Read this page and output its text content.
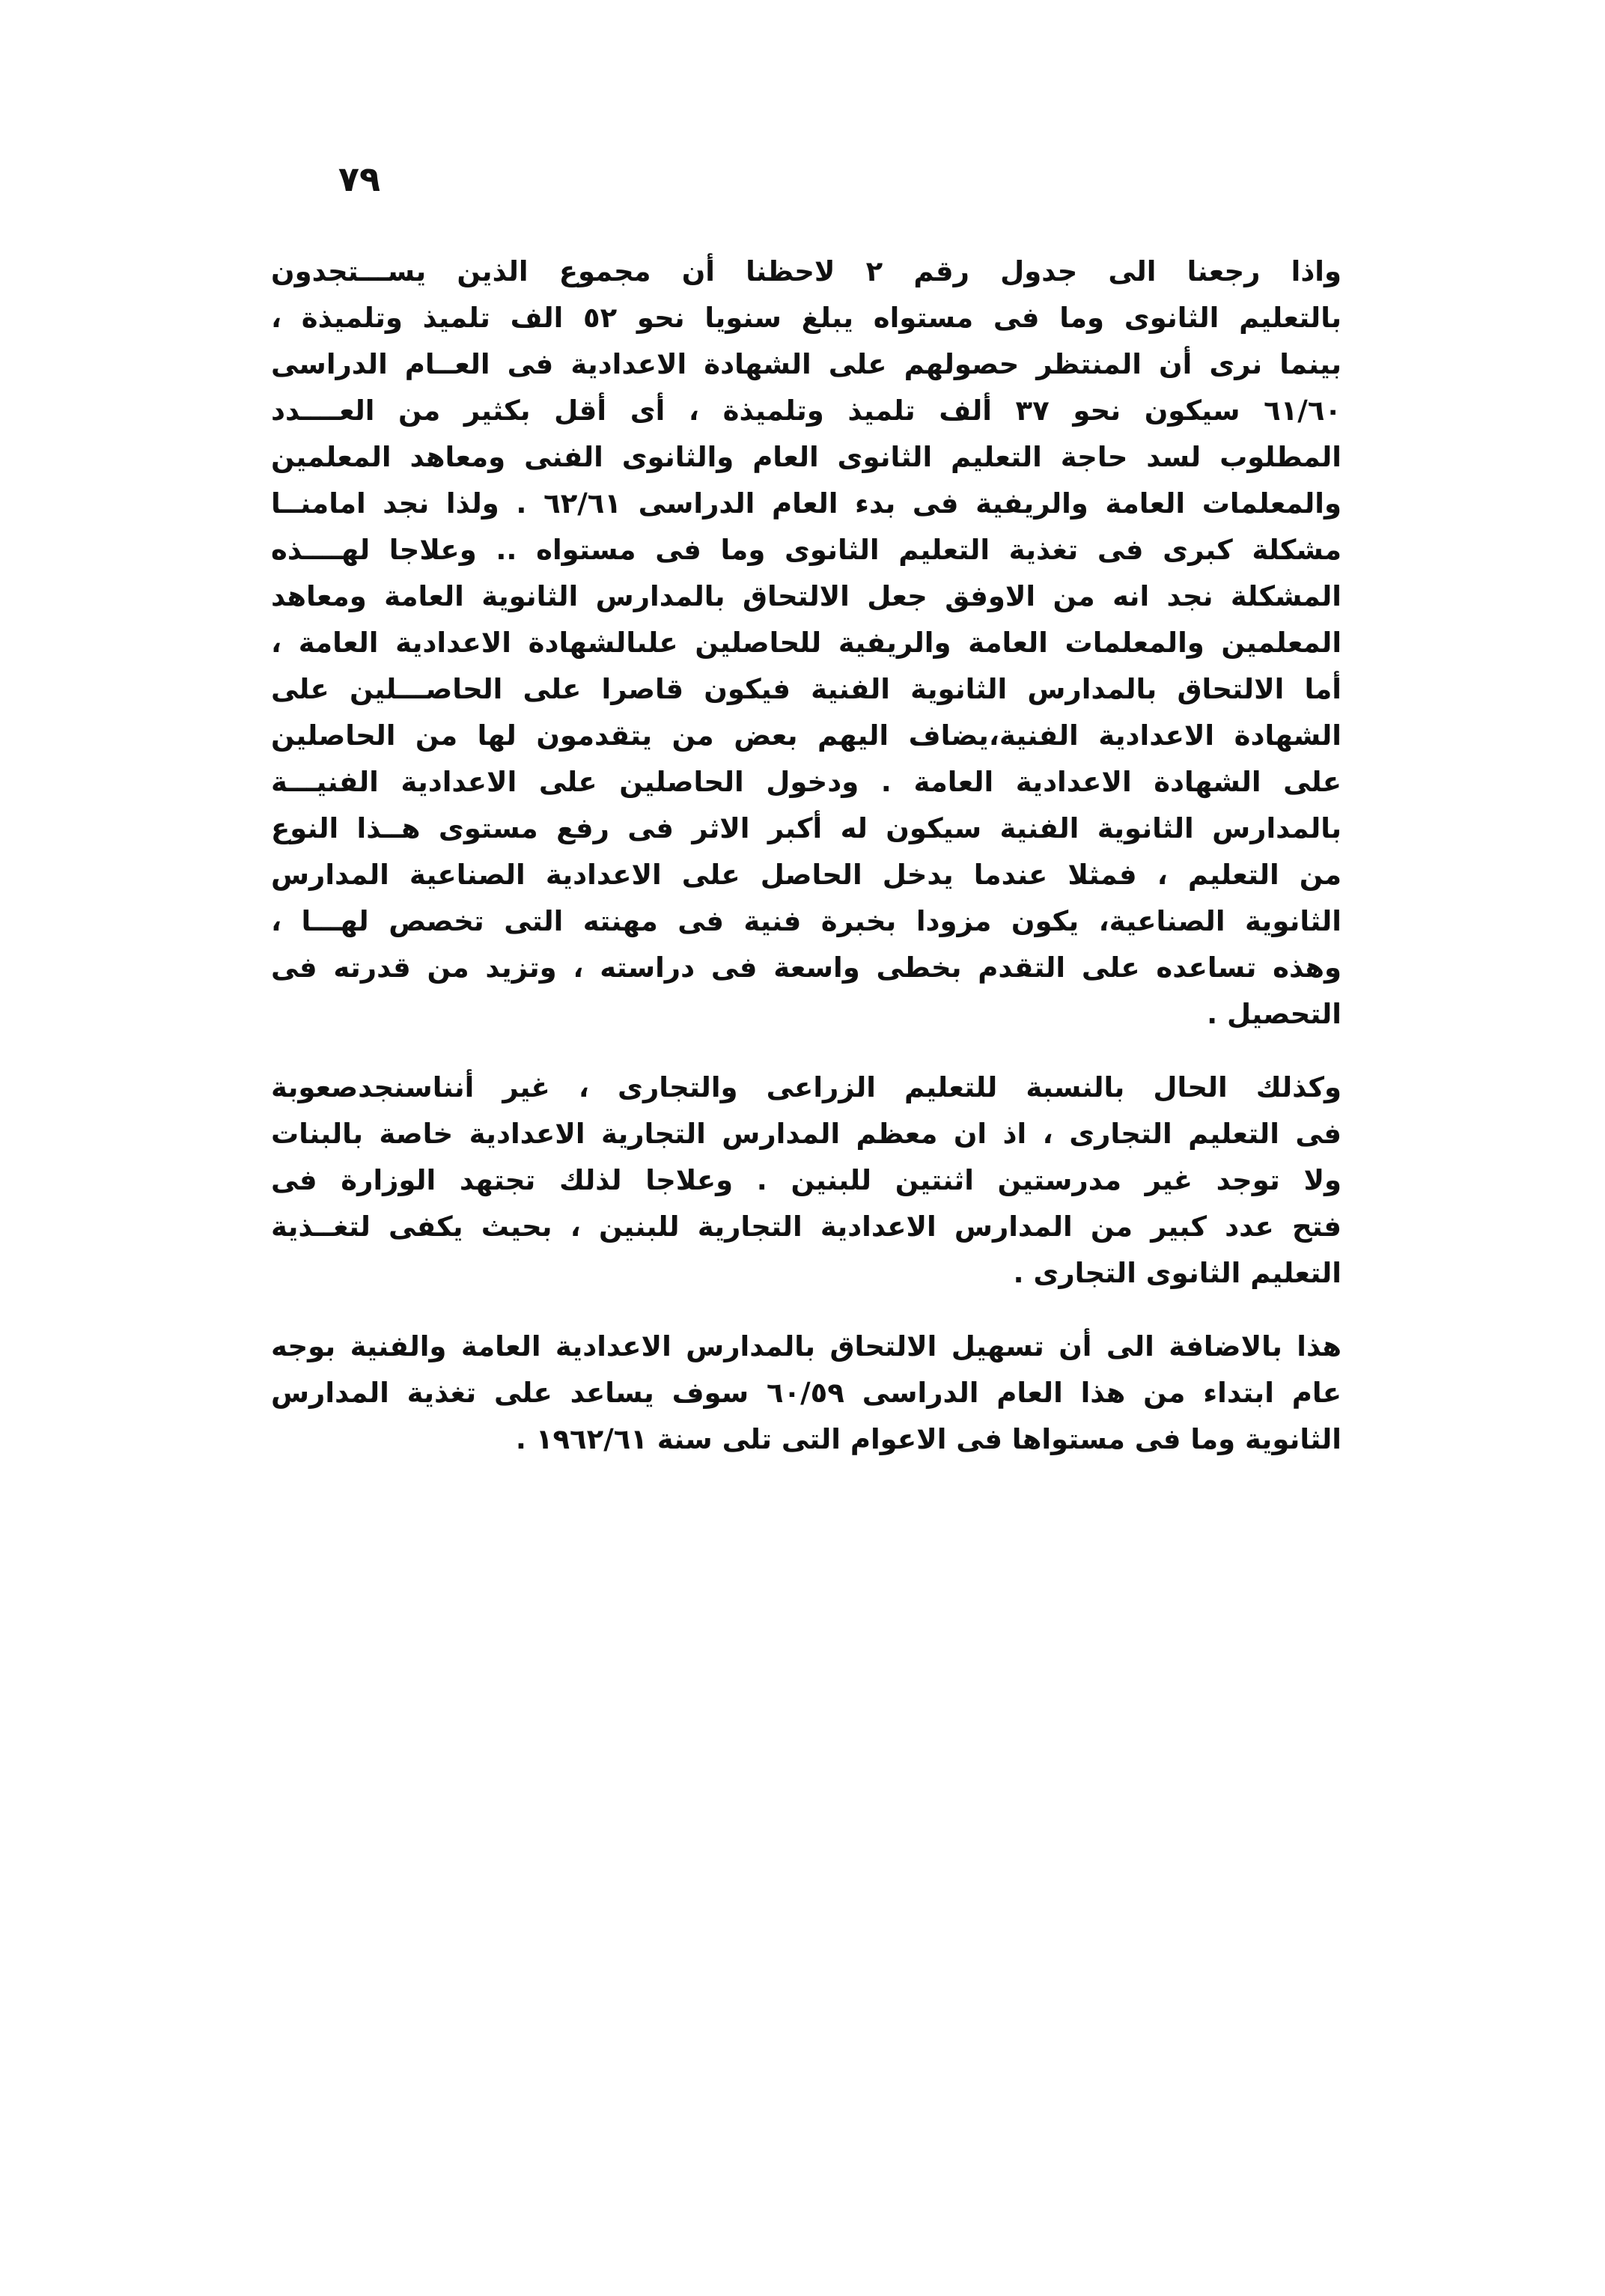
٧٩
واذا رجعنا الى جدول رقم ٢ لاحظنا أن مجموع الذين يســـتجدون
بالتعليم الثانوى وما فى مستواه يبلغ سنويا نحو ٥٢ الف تلميذ وتلميذة ،
بينما نرى أن المنتظر حصولهم على الشهادة الاعدادية فى العــام الدراسى
٦١/٦٠ سيكون نحو ٣٧ ألف تلميذ وتلميذة ، أى أقل بكثير من العــــدد
المطلوب لسد حاجة التعليم الثانوى العام والثانوى الفنى ومعاهد المعلمين
والمعلمات العامة والريفية فى بدء العام الدراسى ٦٢/٦١ . ولذا نجد امامنــا
مشكلة كبرى فى تغذية التعليم الثانوى وما فى مستواه .. وعلاجا لهــــذه
المشكلة نجد انه من الاوفق جعل الالتحاق بالمدارس الثانوية العامة ومعاهد
المعلمين والمعلمات العامة والريفية للحاصلين علىالشهادة الاعدادية العامة ،
أما الالتحاق بالمدارس الثانوية الفنية فيكون قاصرا على الحاصـــلين على
الشهادة الاعدادية الفنية،يضاف اليهم بعض من يتقدمون لها من الحاصلين
على الشهادة الاعدادية العامة . ودخول الحاصلين على الاعدادية الفنيـــة
بالمدارس الثانوية الفنية سيكون له أكبر الاثر فى رفع مستوى هــذا النوع
من التعليم ، فمثلا عندما يدخل الحاصل على الاعدادية الصناعية المدارس
الثانوية الصناعية، يكون مزودا بخبرة فنية فى مهنته التى تخصص لهـــا ،
وهذه تساعده على التقدم بخطى واسعة فى دراسته ، وتزيد من قدرته فى
التحصيل .
وكذلك الحال بالنسبة للتعليم الزراعى والتجارى ، غير أنناسنجدصعوبة
فى التعليم التجارى ، اذ ان معظم المدارس التجارية الاعدادية خاصة بالبنات
ولا توجد غير مدرستين اثنتين للبنين . وعلاجا لذلك تجتهد الوزارة فى
فتح عدد كبير من المدارس الاعدادية التجارية للبنين ، بحيث يكفى لتغــذية
التعليم الثانوى التجارى .
هذا بالاضافة الى أن تسهيل الالتحاق بالمدارس الاعدادية العامة والفنية بوجه
عام ابتداء من هذا العام الدراسى ٦٠/٥٩ سوف يساعد على تغذية المدارس
الثانوية وما فى مستواها فى الاعوام التى تلى سنة ١٩٦٢/٦١ .
